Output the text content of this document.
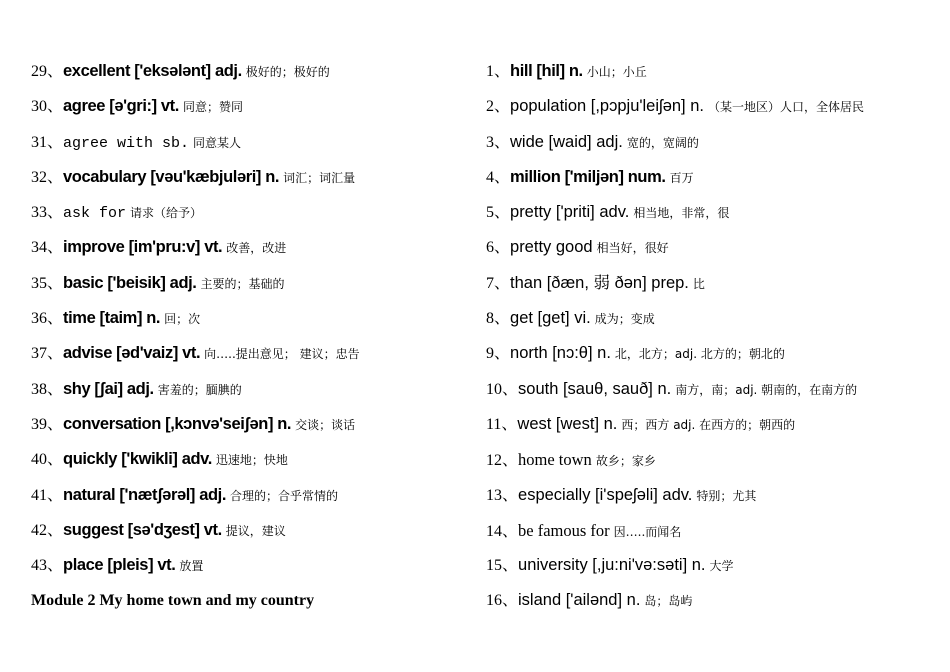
29、 excellent ['eksələnt] adj. 极好的；极好的
30、 agree [ə'ɡri:] vt. 同意；赞同
31、 agree with sb. 同意某人
32、 vocabulary [vəu'kæbjuləri] n. 词汇；词汇量
33、 ask for 请求（给予）
34、 improve [im'pru:v] vt. 改善，改进
35、 basic ['beisik] adj. 主要的；基础的
36、 time [taim] n. 回；次
37、 advise [əd'vaiz] vt. 向…..提出意见； 建议；忠告
38、 shy [ʃai] adj. 害羞的；腼腆的
39、 conversation [,kɔnvə'seiʃən] n. 交谈；谈话
40、 quickly ['kwikli] adv. 迅速地；快地
41、 natural ['nætʃərəl] adj. 合理的；合乎常情的
42、 suggest [sə'dʒest] vt. 提议，建议
43、 place [pleis] vt. 放置
Module 2 My home town and my country
1、 hill [hil] n. 小山；小丘
2、 population [,pɔpju'leiʃən] n. （某一地区）人口，全体居民
3、 wide [waid] adj. 宽的，宽阔的
4、 million ['miljən] num. 百万
5、 pretty ['priti] adv. 相当地，非常，很
6、 pretty good 相当好，很好
7、 than [ðæn, 弱 ðən] prep. 比
8、 get [ɡet] vi. 成为；变成
9、 north [nɔ:θ] n. 北，北方；adj. 北方的；朝北的
10、 south [sauθ, sauð] n. 南方，南；adj. 朝南的，在南方的
11、 west [west] n. 西；西方 adj. 在西方的；朝西的
12、 home town 故乡；家乡
13、 especially [i'speʃəli] adv. 特别；尤其
14、 be famous for 因…..而闻名
15、 university [,ju:ni'və:səti] n. 大学
16、 island ['ailənd] n. 岛；岛屿
